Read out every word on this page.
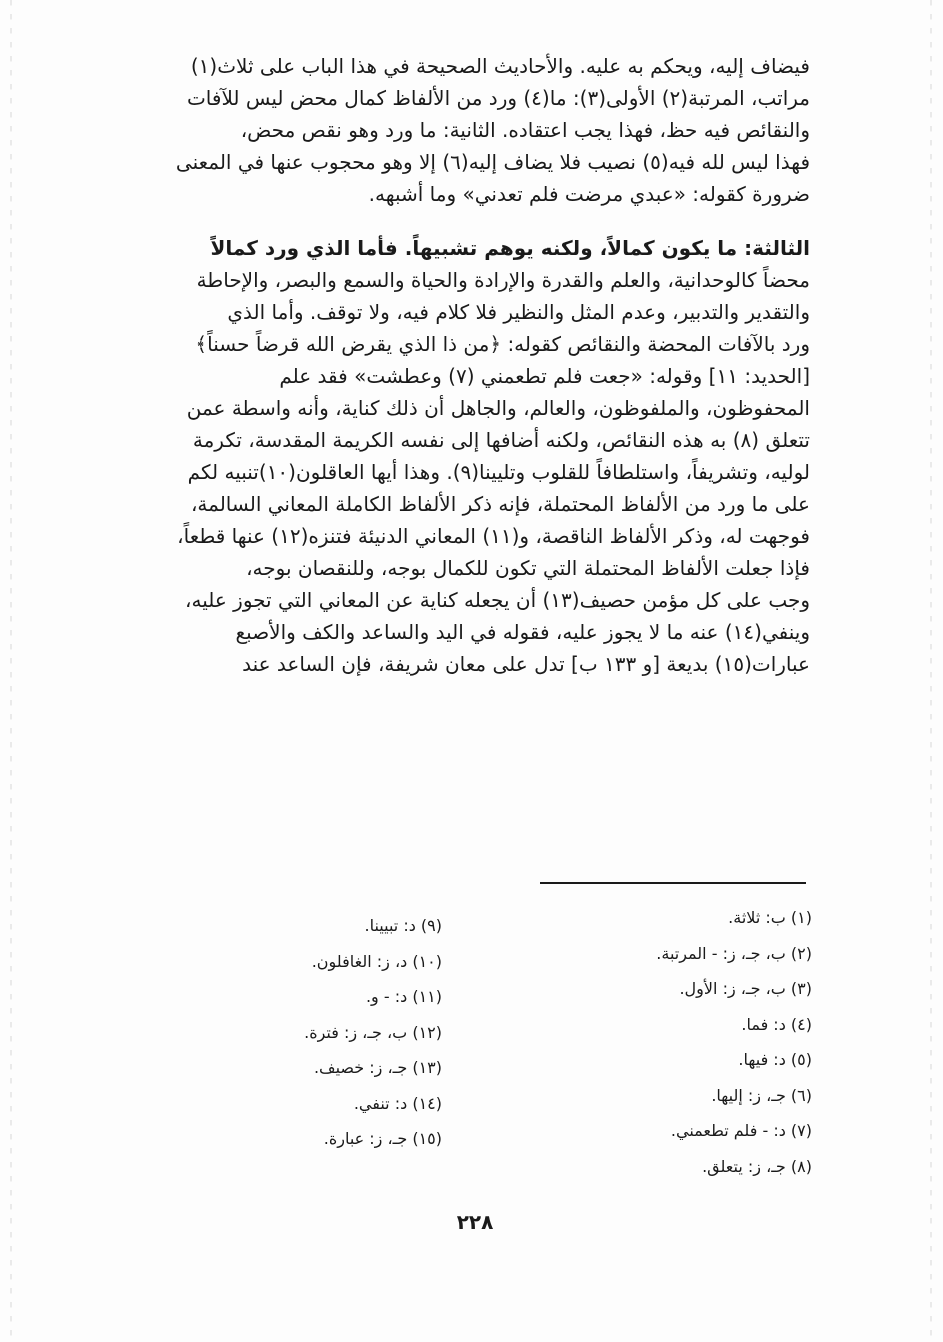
فيضاف إليه، ويحكم به عليه. والأحاديث الصحيحة في هذا الباب على ثلاث(١)
مراتب، المرتبة(٢) الأولى(٣): ما(٤) ورد من الألفاظ كمال محض ليس للآفات
والنقائص فيه حظ، فهذا يجب اعتقاده. الثانية: ما ورد وهو نقص محض،
فهذا ليس لله فيه(٥) نصيب فلا يضاف إليه(٦) إلا وهو محجوب عنها في المعنى
ضرورة كقوله: «عبدي مرضت فلم تعدني» وما أشبهه.
الثالثة: ما يكون كمالاً، ولكنه يوهم تشبيهاً. فأما الذي ورد كمالاً
محضاً كالوحدانية، والعلم والقدرة والإرادة والحياة والسمع والبصر، والإحاطة
والتقدير والتدبير، وعدم المثل والنظير فلا كلام فيه، ولا توقف. وأما الذي
ورد بالآفات المحضة والنقائص كقوله: ﴿من ذا الذي يقرض الله قرضاً حسناً﴾
[الحديد: ١١] وقوله: «جعت فلم تطعمني (٧) وعطشت» فقد علم
المحفوظون، والملفوظون، والعالم، والجاهل أن ذلك كناية، وأنه واسطة عمن
تتعلق (٨) به هذه النقائص، ولكنه أضافها إلى نفسه الكريمة المقدسة، تكرمة
لوليه، وتشريفاً، واستلطافاً للقلوب وتليينا(٩). وهذا أيها العاقلون(١٠)تنبيه لكم
على ما ورد من الألفاظ المحتملة، فإنه ذكر الألفاظ الكاملة المعاني السالمة،
فوجهت له، وذكر الألفاظ الناقصة، و(١١) المعاني الدنيئة فتنزه(١٢) عنها قطعاً،
فإذا جعلت الألفاظ المحتملة التي تكون للكمال بوجه، وللنقصان بوجه،
وجب على كل مؤمن حصيف(١٣) أن يجعله كناية عن المعاني التي تجوز عليه،
وينفي(١٤) عنه ما لا يجوز عليه، فقوله في اليد والساعد والكف والأصبع
عبارات(١٥) بديعة [و ١٣٣ ب] تدل على معان شريفة، فإن الساعد عند
(١) ب: ثلاثة.
(٢) ب، جـ، ز: - المرتبة.
(٣) ب، جـ، ز: الأول.
(٤) د: فما.
(٥) د: فيها.
(٦) جـ، ز: إليها.
(٧) د: - فلم تطعمني.
(٨) جـ، ز: يتعلق.
(٩) د: تبيينا.
(١٠) د، ز: الغافلون.
(١١) د: - و.
(١٢) ب، جـ، ز: فترة.
(١٣) جـ، ز: خصيف.
(١٤) د: تنفي.
(١٥) جـ، ز: عبارة.
٢٢٨
